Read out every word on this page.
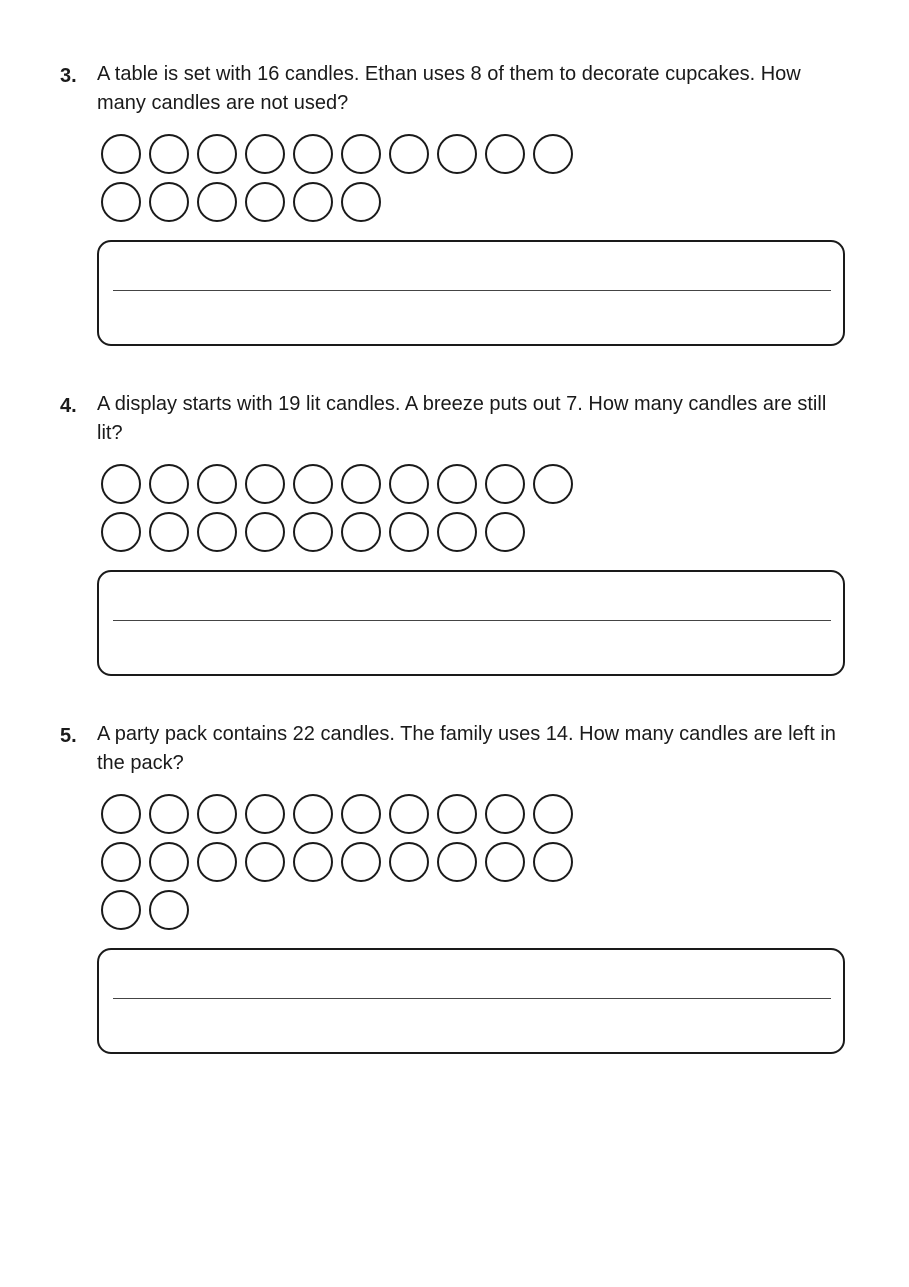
3. A table is set with 16 candles. Ethan uses 8 of them to decorate cupcakes. How many candles are not used?
4. A display starts with 19 lit candles. A breeze puts out 7. How many candles are still lit?
5. A party pack contains 22 candles. The family uses 14. How many candles are left in the pack?
